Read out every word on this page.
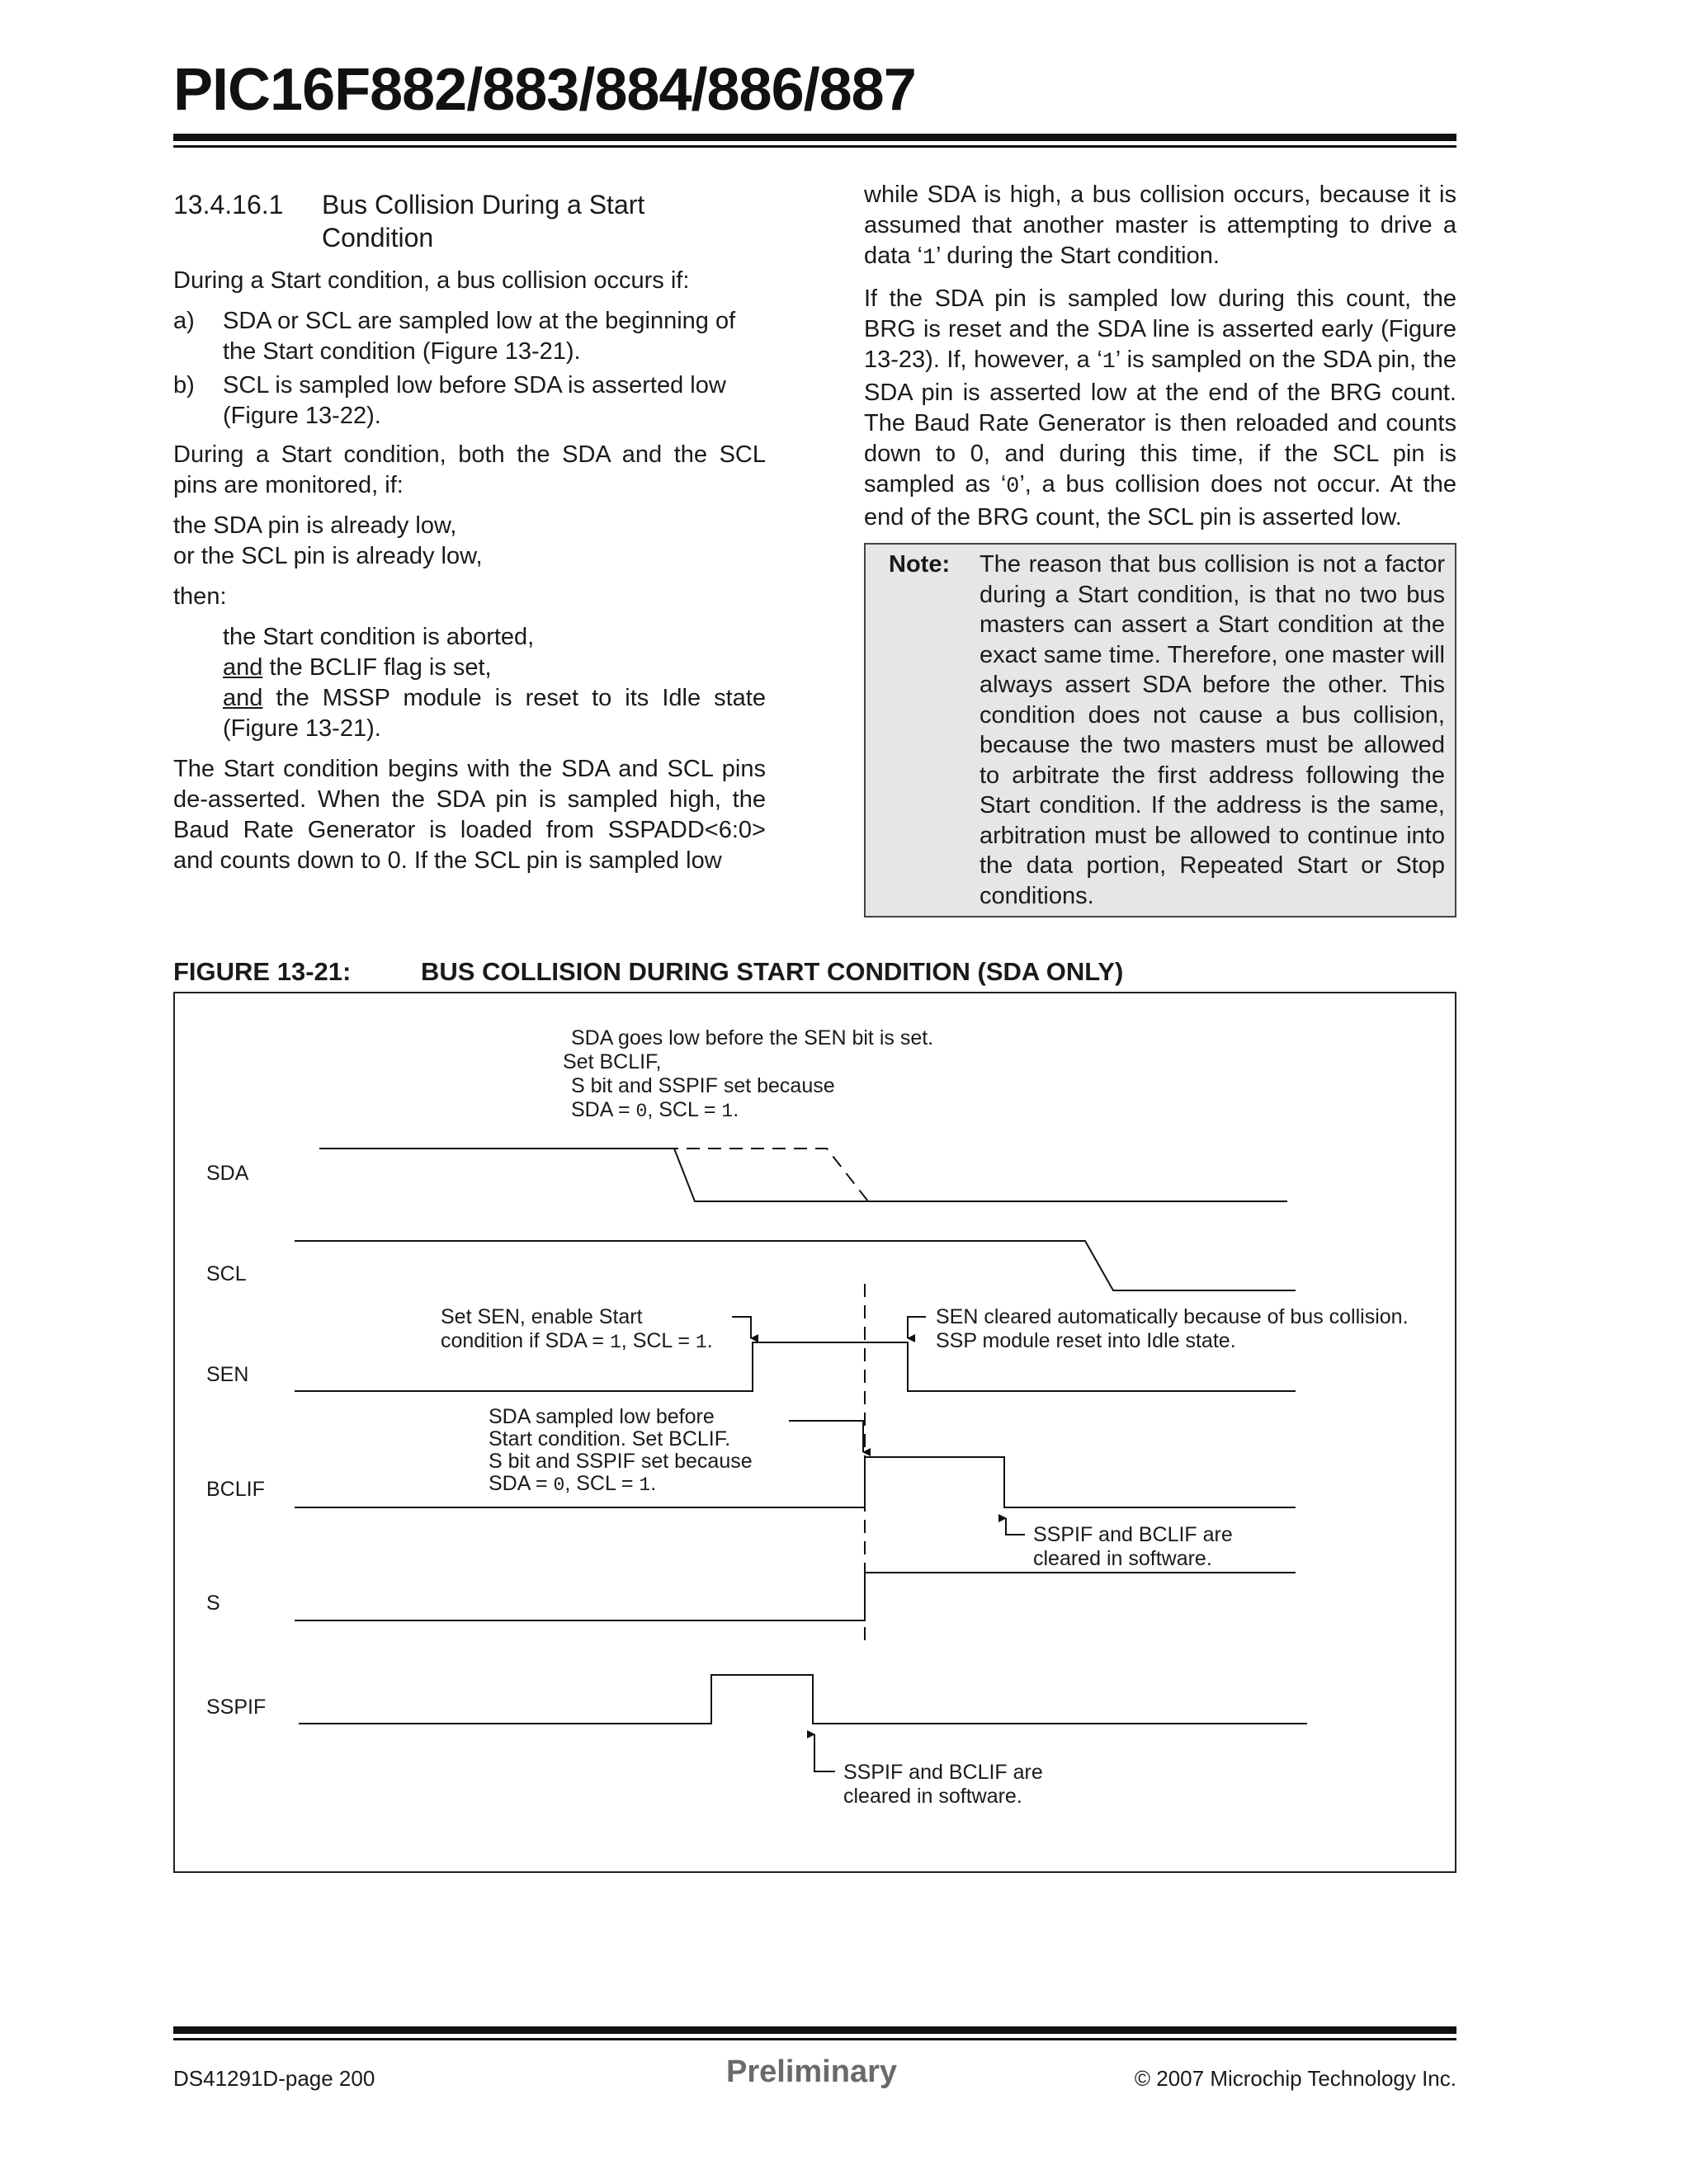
PIC16F882/883/884/886/887
13.4.16.1	Bus Collision During a Start
Condition

During a Start condition, a bus collision occurs if:

a)	SDA or SCL are sampled low at the beginning of the Start condition (Figure 13-21).
b)	SCL is sampled low before SDA is asserted low (Figure 13-22).

During a Start condition, both the SDA and the SCL pins are monitored, if:

the SDA pin is already low,
or the SCL pin is already low,

then:

the Start condition is aborted,
and the BCLIF flag is set,
and the MSSP module is reset to its Idle state (Figure 13-21).

The Start condition begins with the SDA and SCL pins de-asserted. When the SDA pin is sampled high, the Baud Rate Generator is loaded from SSPADD<6:0> and counts down to 0. If the SCL pin is sampled low

while SDA is high, a bus collision occurs, because it is assumed that another master is attempting to drive a data ‘1’ during the Start condition.

If the SDA pin is sampled low during this count, the BRG is reset and the SDA line is asserted early (Figure 13-23). If, however, a ‘1’ is sampled on the SDA pin, the SDA pin is asserted low at the end of the BRG count. The Baud Rate Generator is then reloaded and counts down to 0, and during this time, if the SCL pin is sampled as ‘0’, a bus collision does not occur. At the end of the BRG count, the SCL pin is asserted low.

Note:	The reason that bus collision is not a factor during a Start condition, is that no two bus masters can assert a Start condition at the exact same time. Therefore, one master will always assert SDA before the other. This condition does not cause a bus collision, because the two masters must be allowed to arbitrate the first address following the Start condition. If the address is the same, arbitration must be allowed to continue into the data portion, Repeated Start or Stop conditions.
FIGURE 13-21:	BUS COLLISION DURING START CONDITION (SDA ONLY)
SDA
SCL
SEN
BCLIF
S
SSPIF
SDA goes low before the SEN bit is set.
Set BCLIF,
S bit and SSPIF set because
SDA = 0, SCL = 1.
Set SEN, enable Start
condition if SDA = 1, SCL = 1.
SEN cleared automatically because of bus collision.
SSP module reset into Idle state.
SDA sampled low before
Start condition. Set BCLIF.
S bit and SSPIF set because
SDA = 0, SCL = 1.
SSPIF and BCLIF are
cleared in software.
SSPIF and BCLIF are
cleared in software.
DS41291D-page 200	Preliminary	© 2007 Microchip Technology Inc.
